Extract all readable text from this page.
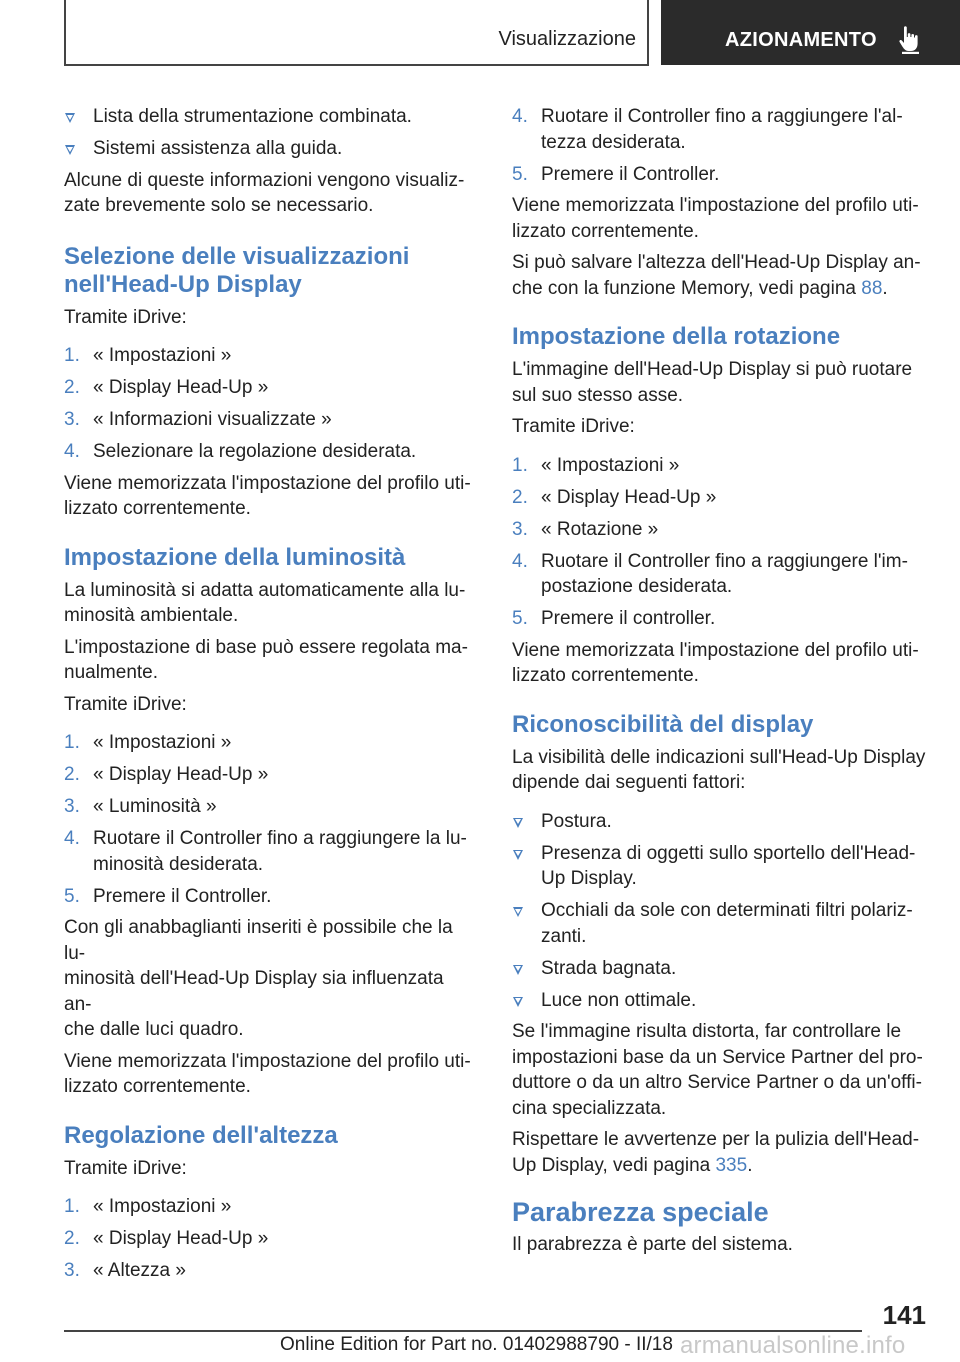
Visualizzazione	AZIONAMENTO
Lista della strumentazione combinata.
Sistemi assistenza alla guida.
Alcune di queste informazioni vengono visualiz-
zate brevemente solo se necessario.
Selezione delle visualizzazioni nell'Head-Up Display
Tramite iDrive:
1. « Impostazioni »
2. « Display Head-Up »
3. « Informazioni visualizzate »
4. Selezionare la regolazione desiderata.
Viene memorizzata l'impostazione del profilo uti-
lizzato correntemente.
Impostazione della luminosità
La luminosità si adatta automaticamente alla lu-
minosità ambientale.
L'impostazione di base può essere regolata ma-
nualmente.
Tramite iDrive:
1. « Impostazioni »
2. « Display Head-Up »
3. « Luminosità »
4. Ruotare il Controller fino a raggiungere la lu-
minosità desiderata.
5. Premere il Controller.
Con gli anabbaglianti inseriti è possibile che la lu-
minosità dell'Head-Up Display sia influenzata an-
che dalle luci quadro.
Viene memorizzata l'impostazione del profilo uti-
lizzato correntemente.
Regolazione dell'altezza
Tramite iDrive:
1. « Impostazioni »
2. « Display Head-Up »
3. « Altezza »
4. Ruotare il Controller fino a raggiungere l'al-
tezza desiderata.
5. Premere il Controller.
Viene memorizzata l'impostazione del profilo uti-
lizzato correntemente.
Si può salvare l'altezza dell'Head-Up Display an-
che con la funzione Memory, vedi pagina 88.
Impostazione della rotazione
L'immagine dell'Head-Up Display si può ruotare
sul suo stesso asse.
Tramite iDrive:
1. « Impostazioni »
2. « Display Head-Up »
3. « Rotazione »
4. Ruotare il Controller fino a raggiungere l'im-
postazione desiderata.
5. Premere il controller.
Viene memorizzata l'impostazione del profilo uti-
lizzato correntemente.
Riconoscibilità del display
La visibilità delle indicazioni sull'Head-Up Display
dipende dai seguenti fattori:
Postura.
Presenza di oggetti sullo sportello dell'Head-
Up Display.
Occhiali da sole con determinati filtri polariz-
zanti.
Strada bagnata.
Luce non ottimale.
Se l'immagine risulta distorta, far controllare le
impostazioni base da un Service Partner del pro-
duttore o da un altro Service Partner o da un'offi-
cina specializzata.
Rispettare le avvertenze per la pulizia dell'Head-
Up Display, vedi pagina 335.
Parabrezza speciale
Il parabrezza è parte del sistema.
141
Online Edition for Part no. 01402988790 - II/18 armanualsonline.info
